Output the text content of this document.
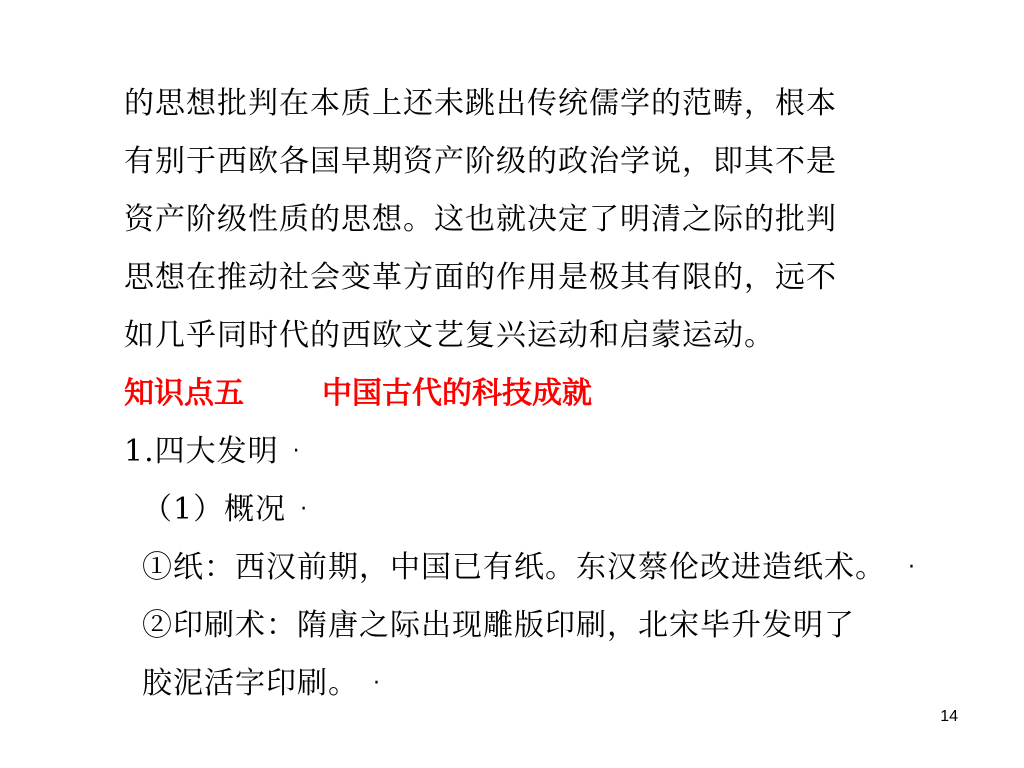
的思想批判在本质上还未跳出传统儒学的范畴，根本
有别于西欧各国早期资产阶级的政治学说，即其不是
资产阶级性质的思想。这也就决定了明清之际的批判
思想在推动社会变革方面的作用是极其有限的，远不
如几乎同时代的西欧文艺复兴运动和启蒙运动。
知识点五	中国古代的科技成就
1.四大发明 ·
（1）概况 ·
①纸：西汉前期，中国已有纸。东汉蔡伦改进造纸术。 ·
②印刷术：隋唐之际出现雕版印刷，北宋毕升发明了
胶泥活字印刷。 ·
14
